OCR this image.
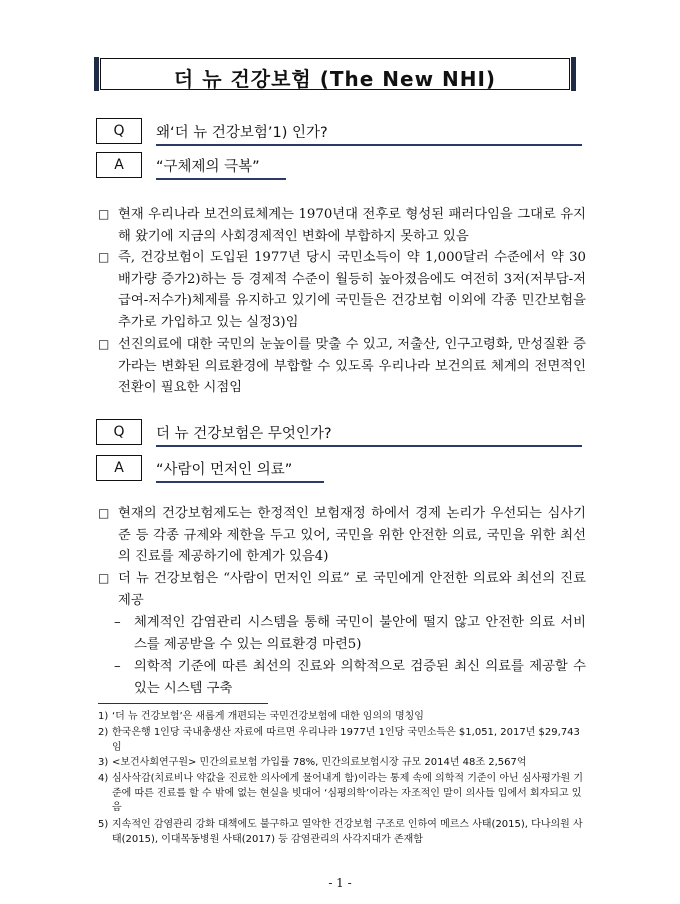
더 뉴 건강보험 (The New NHI)
Q	왜‘더 뉴 건강보험’1) 인가?
A	“구체제의 극복”
□ 현재 우리나라 보건의료체계는 1970년대 전후로 형성된 패러다임을 그대로 유지해 왔기에 지금의 사회경제적인 변화에 부합하지 못하고 있음
□ 즉, 건강보험이 도입된 1977년 당시 국민소득이 약 1,000달러 수준에서 약 30배가량 증가2)하는 등 경제적 수준이 월등히 높아졌음에도 여전히 3저(저부담-저급여-저수가)체제를 유지하고 있기에 국민들은 건강보험 이외에 각종 민간보험을 추가로 가입하고 있는 실정3)임
□ 선진의료에 대한 국민의 눈높이를 맞출 수 있고, 저출산, 인구고령화, 만성질환 증가라는 변화된 의료환경에 부합할 수 있도록 우리나라 보건의료 체계의 전면적인 전환이 필요한 시점임
Q	더 뉴 건강보험은 무엇인가?
A	“사람이 먼저인 의료”
□ 현재의 건강보험제도는 한정적인 보험재정 하에서 경제 논리가 우선되는 심사기준 등 각종 규제와 제한을 두고 있어, 국민을 위한 안전한 의료, 국민을 위한 최선의 진료를 제공하기에 한계가 있음4)
□ 더 뉴 건강보험은 “사람이 먼저인 의료” 로 국민에게 안전한 의료와 최선의 진료 제공
– 체계적인 감염관리 시스템을 통해 국민이 불안에 떨지 않고 안전한 의료 서비스를 제공받을 수 있는 의료환경 마련5)
– 의학적 기준에 따른 최선의 진료와 의학적으로 검증된 최신 의료를 제공할 수 있는 시스템 구축
1) ‘더 뉴 건강보험’은 새롭게 개편되는 국민건강보험에 대한 임의의 명칭임
2) 한국은행 1인당 국내총생산 자료에 따르면 우리나라 1977년 1인당 국민소득은 $1,051, 2017년 $29,743임
3) <보건사회연구원> 민간의료보험 가입률 78%, 민간의료보험시장 규모 2014년 48조 2,567억
4) 심사삭감(치료비나 약값을 진료한 의사에게 물어내게 함)이라는 통제 속에 의학적 기준이 아닌 심사평가원 기준에 따른 진료를 할 수 밖에 없는 현실을 빗대어 ‘심평의학’이라는 자조적인 말이 의사들 입에서 회자되고 있음
5) 지속적인 감염관리 강화 대책에도 불구하고 열악한 건강보험 구조로 인하여 메르스 사태(2015), 다나의원 사태(2015), 이대목동병원 사태(2017) 등 감염관리의 사각지대가 존재함
- 1 -
